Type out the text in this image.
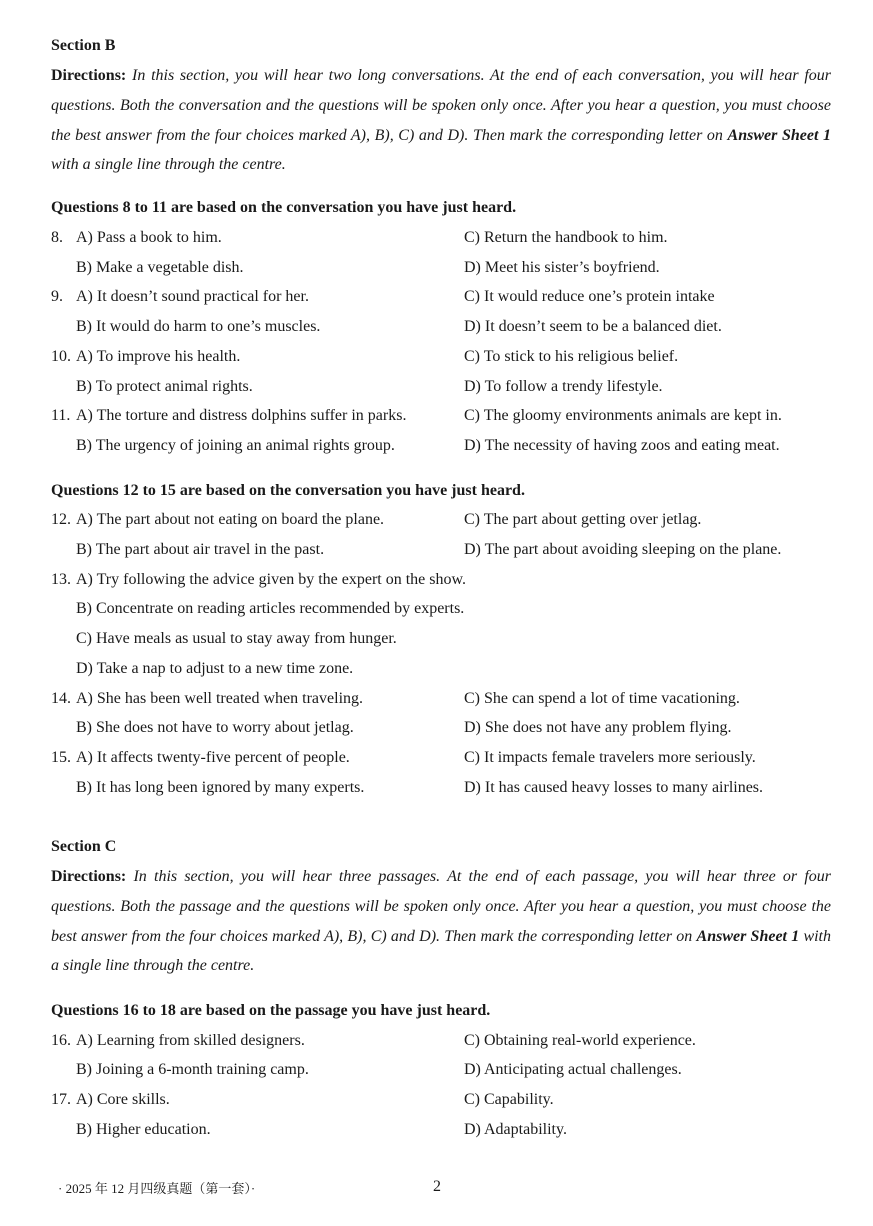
Section B
Directions: In this section, you will hear two long conversations. At the end of each conversation, you will hear four questions. Both the conversation and the questions will be spoken only once. After you hear a question, you must choose the best answer from the four choices marked A), B), C) and D). Then mark the corresponding letter on Answer Sheet 1 with a single line through the centre.
Questions 8 to 11 are based on the conversation you have just heard.
8. A) Pass a book to him.	C) Return the handbook to him.
B) Make a vegetable dish.	D) Meet his sister’s boyfriend.
9. A) It doesn’t sound practical for her.	C) It would reduce one’s protein intake
B) It would do harm to one’s muscles.	D) It doesn’t seem to be a balanced diet.
10. A) To improve his health.	C) To stick to his religious belief.
B) To protect animal rights.	D) To follow a trendy lifestyle.
11. A) The torture and distress dolphins suffer in parks.	C) The gloomy environments animals are kept in.
B) The urgency of joining an animal rights group.	D) The necessity of having zoos and eating meat.
Questions 12 to 15 are based on the conversation you have just heard.
12. A) The part about not eating on board the plane.	C) The part about getting over jetlag.
B) The part about air travel in the past.	D) The part about avoiding sleeping on the plane.
13. A) Try following the advice given by the expert on the show.
B) Concentrate on reading articles recommended by experts.
C) Have meals as usual to stay away from hunger.
D) Take a nap to adjust to a new time zone.
14. A) She has been well treated when traveling.	C) She can spend a lot of time vacationing.
B) She does not have to worry about jetlag.	D) She does not have any problem flying.
15. A) It affects twenty-five percent of people.	C) It impacts female travelers more seriously.
B) It has long been ignored by many experts.	D) It has caused heavy losses to many airlines.
Section C
Directions: In this section, you will hear three passages. At the end of each passage, you will hear three or four questions. Both the passage and the questions will be spoken only once. After you hear a question, you must choose the best answer from the four choices marked A), B), C) and D). Then mark the corresponding letter on Answer Sheet 1 with a single line through the centre.
Questions 16 to 18 are based on the passage you have just heard.
16. A) Learning from skilled designers.	C) Obtaining real-world experience.
B) Joining a 6-month training camp.	D) Anticipating actual challenges.
17. A) Core skills.	C) Capability.
B) Higher education.	D) Adaptability.
· 2025 年 12 月四级真题（第一套）·	2
